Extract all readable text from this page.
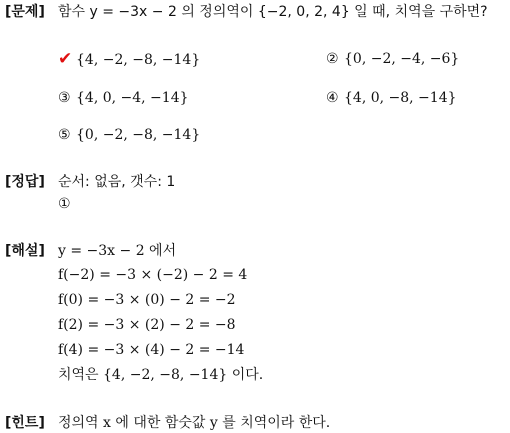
[문제] 함수 y = −3x − 2 의 정의역이 {−2, 0, 2, 4} 일 때, 치역을 구하면?
✔ {4, −2, −8, −14}	② {0, −2, −4, −6}
③ {4, 0, −4, −14}	④ {4, 0, −8, −14}
⑤ {0, −2, −8, −14}
[정답] 순서: 없음, 갯수: 1
①
[해설] y = −3x − 2 에서
f(−2) = −3 × (−2) − 2 = 4
f(0) = −3 × (0) − 2 = −2
f(2) = −3 × (2) − 2 = −8
f(4) = −3 × (4) − 2 = −14
치역은 {4, −2, −8, −14} 이다.
[힌트] 정의역 x 에 대한 함숫값 y 를 치역이라 한다.
